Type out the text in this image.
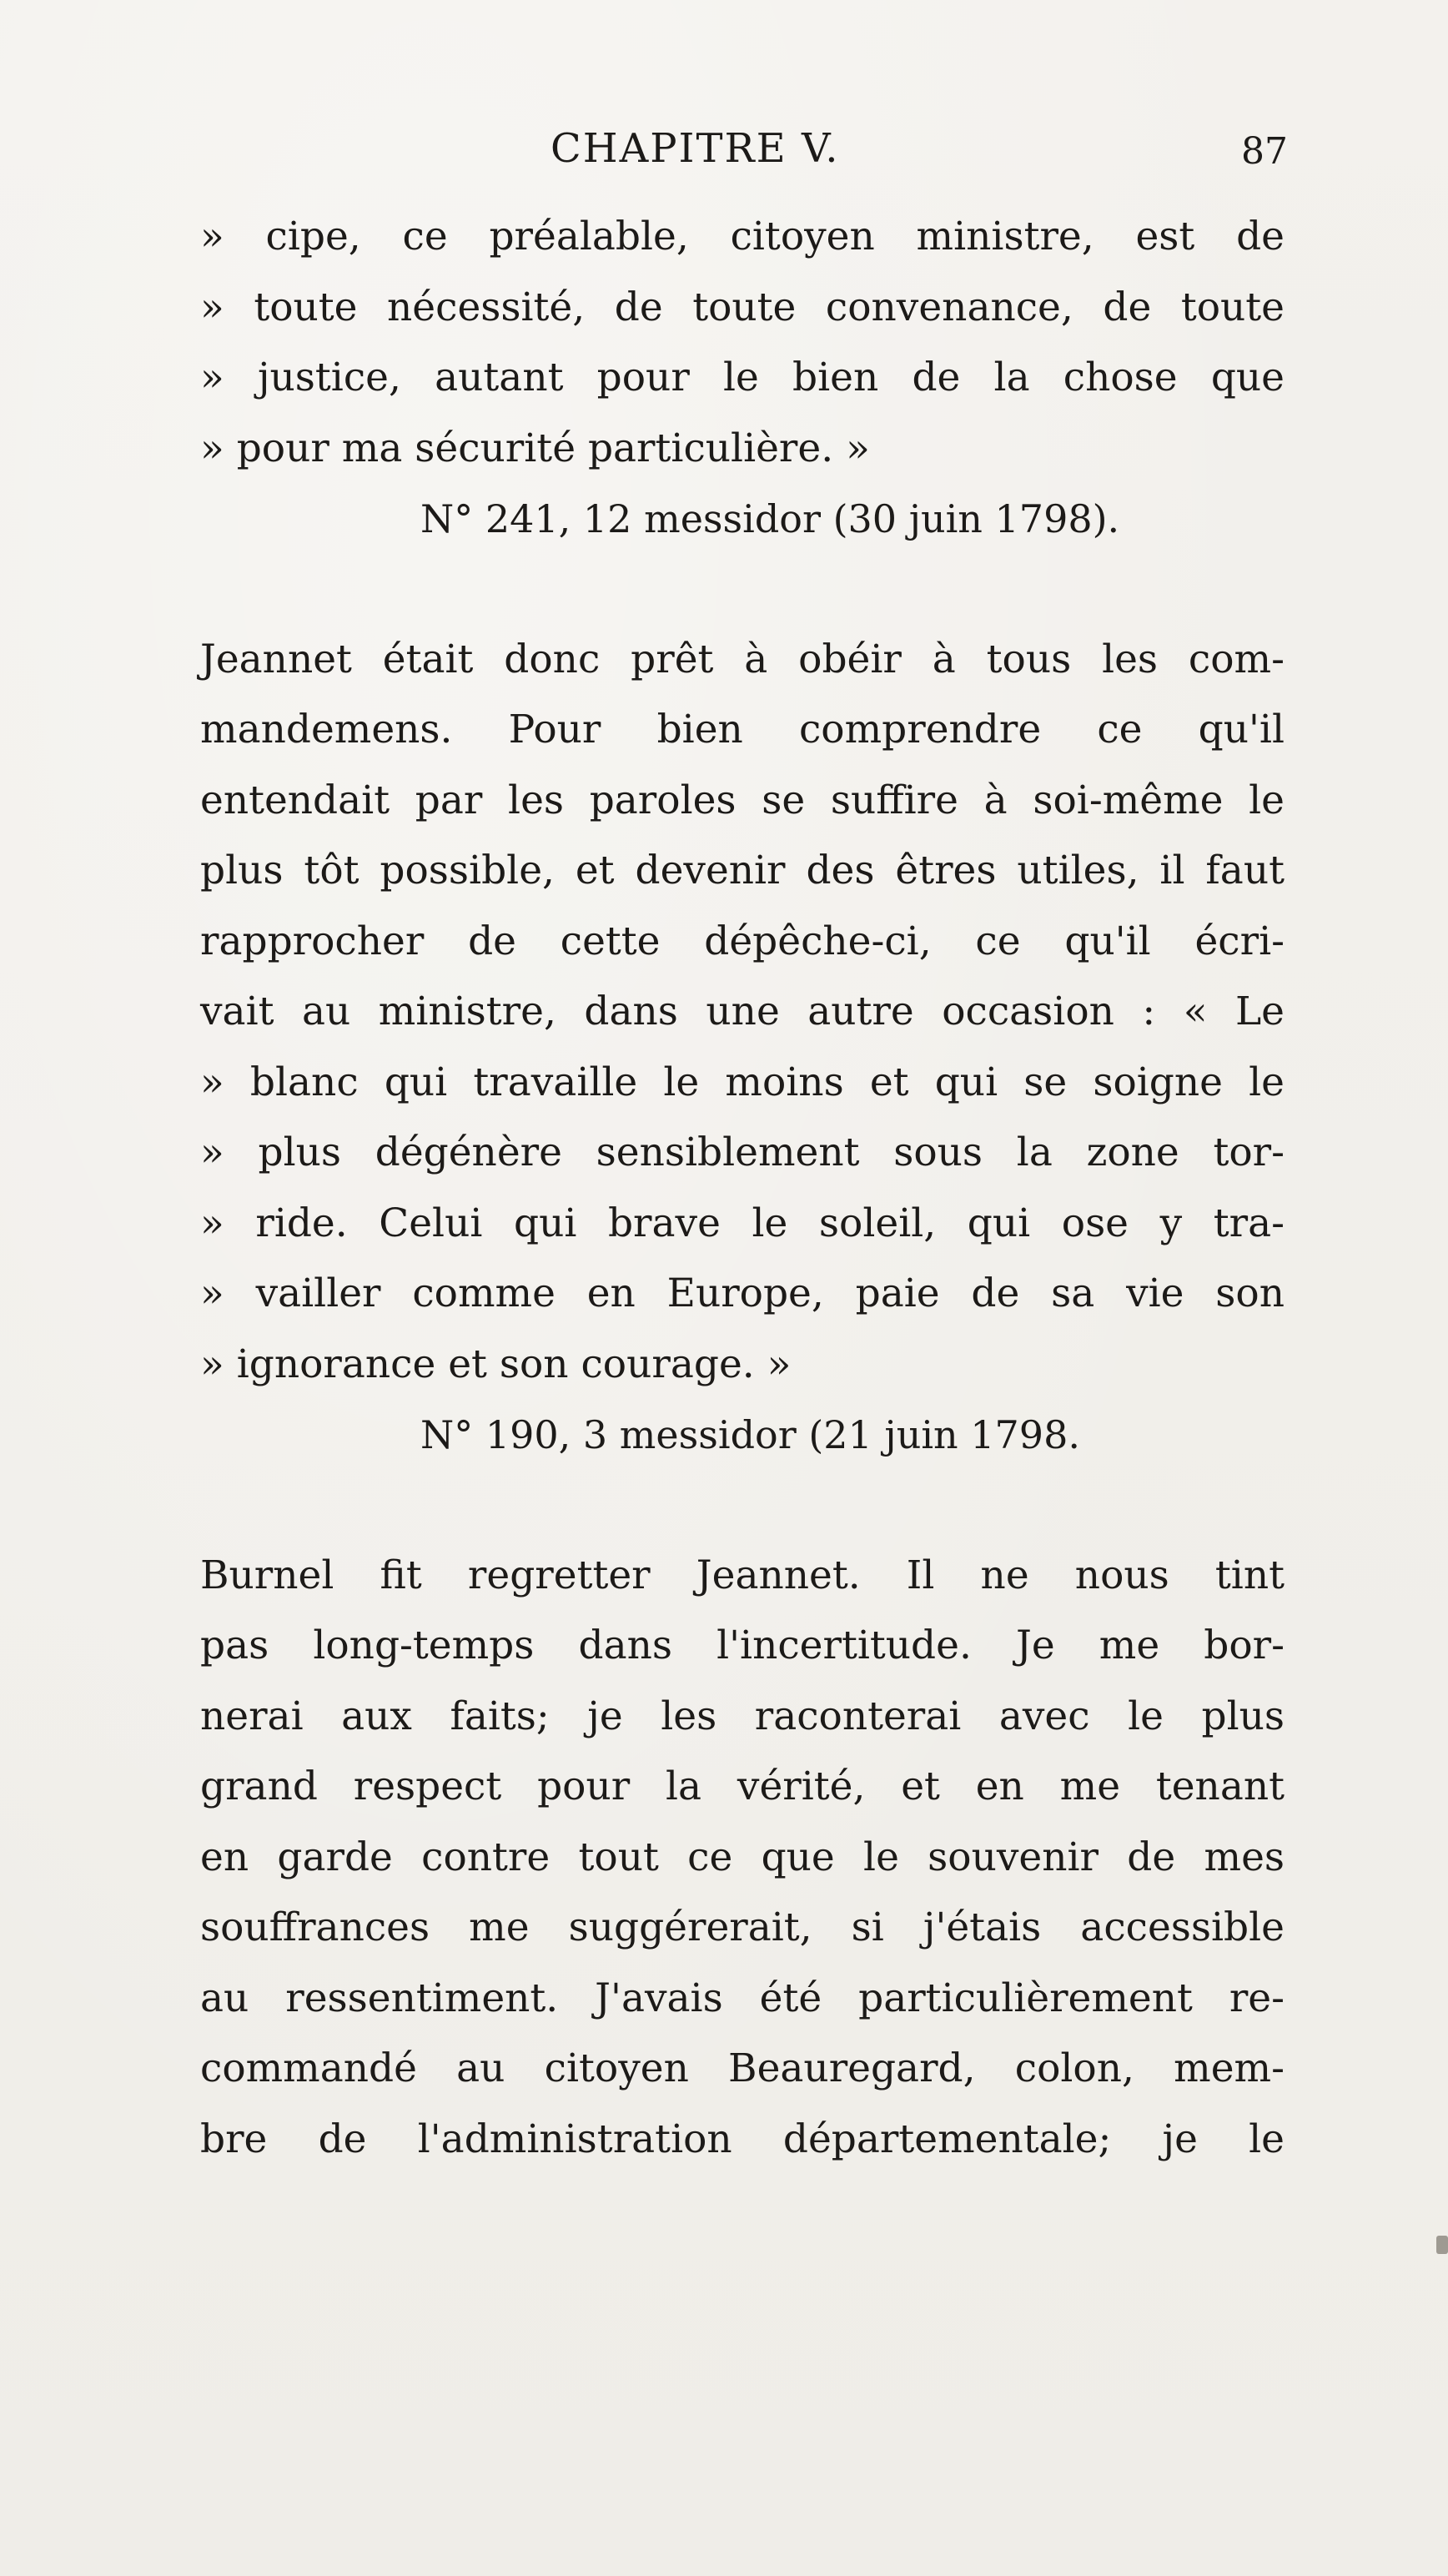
CHAPITRE V.	87
» cipe, ce préalable, citoyen ministre, est de
» toute nécessité, de toute convenance, de toute
» justice, autant pour le bien de la chose que
» pour ma sécurité particulière. »
N° 241, 12 messidor (30 juin 1798).
Jeannet était donc prêt à obéir à tous les com-
mandemens. Pour bien comprendre ce qu'il
entendait par les paroles se suffire à soi-même le
plus tôt possible, et devenir des êtres utiles, il faut
rapprocher de cette dépêche-ci, ce qu'il écri-
vait au ministre, dans une autre occasion : « Le
» blanc qui travaille le moins et qui se soigne le
» plus dégénère sensiblement sous la zone tor-
» ride. Celui qui brave le soleil, qui ose y tra-
» vailler comme en Europe, paie de sa vie son
» ignorance et son courage. »
N° 190, 3 messidor (21 juin 1798.
Burnel fit regretter Jeannet. Il ne nous tint
pas long-temps dans l'incertitude. Je me bor-
nerai aux faits; je les raconterai avec le plus
grand respect pour la vérité, et en me tenant
en garde contre tout ce que le souvenir de mes
souffrances me suggérerait, si j'étais accessible
au ressentiment. J'avais été particulièrement re-
commandé au citoyen Beauregard, colon, mem-
bre de l'administration départementale; je le
